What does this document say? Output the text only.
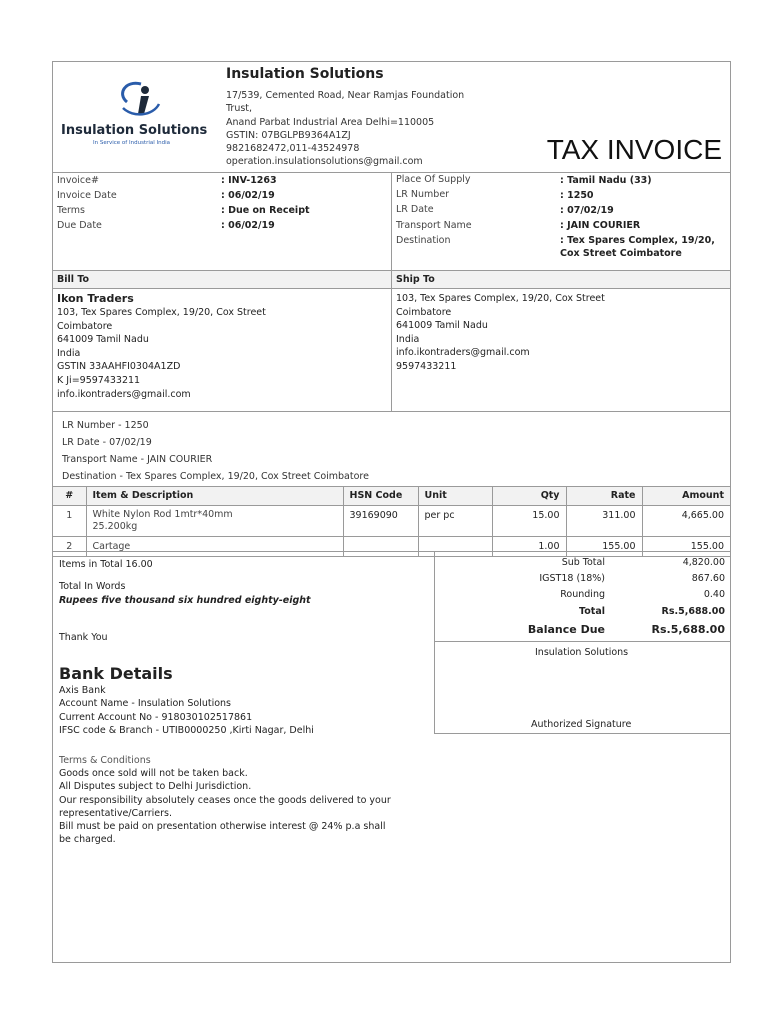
Insulation Solutions
In Service of Industrial India
Insulation Solutions
17/539, Cemented Road, Near Ramjas Foundation
Trust,
Anand Parbat Industrial Area Delhi=110005
GSTIN: 07BGLPB9364A1ZJ
9821682472,011-43524978
operation.insulationsolutions@gmail.com	TAX INVOICE
Invoice#	: INV-1263
Invoice Date	: 06/02/19
Terms	: Due on Receipt
Due Date	: 06/02/19
Place Of Supply	: Tamil Nadu (33)
LR Number	: 1250
LR Date	: 07/02/19
Transport Name	: JAIN COURIER
Destination	: Tex Spares Complex, 19/20,
Cox Street Coimbatore
Bill To	Ship To
Ikon Traders
103, Tex Spares Complex, 19/20, Cox Street
Coimbatore
641009 Tamil Nadu
India
GSTIN 33AAHFI0304A1ZD
K Ji=9597433211
info.ikontraders@gmail.com
103, Tex Spares Complex, 19/20, Cox Street
Coimbatore
641009 Tamil Nadu
India
info.ikontraders@gmail.com
9597433211
LR Number - 1250
LR Date - 07/02/19
Transport Name - JAIN COURIER
Destination - Tex Spares Complex, 19/20, Cox Street Coimbatore
#	Item & Description	HSN Code	Unit	Qty	Rate	Amount
1	White Nylon Rod 1mtr*40mm
25.200kg	39169090	per pc	15.00	311.00	4,665.00
2	Cartage			1.00	155.00	155.00
Items in Total 16.00
Total In Words
Rupees five thousand six hundred eighty-eight
Thank You
Sub Total	4,820.00
IGST18 (18%)	867.60
Rounding	0.40
Total	Rs.5,688.00
Balance Due	Rs.5,688.00
Insulation Solutions
Authorized Signature
Bank Details
Axis Bank
Account Name - Insulation Solutions
Current Account No - 918030102517861
IFSC code & Branch - UTIB0000250 ,Kirti Nagar, Delhi
Terms & Conditions
Goods once sold will not be taken back.
All Disputes subject to Delhi Jurisdiction.
Our responsibility absolutely ceases once the goods delivered to your
representative/Carriers.
Bill must be paid on presentation otherwise interest @ 24% p.a shall
be charged.
